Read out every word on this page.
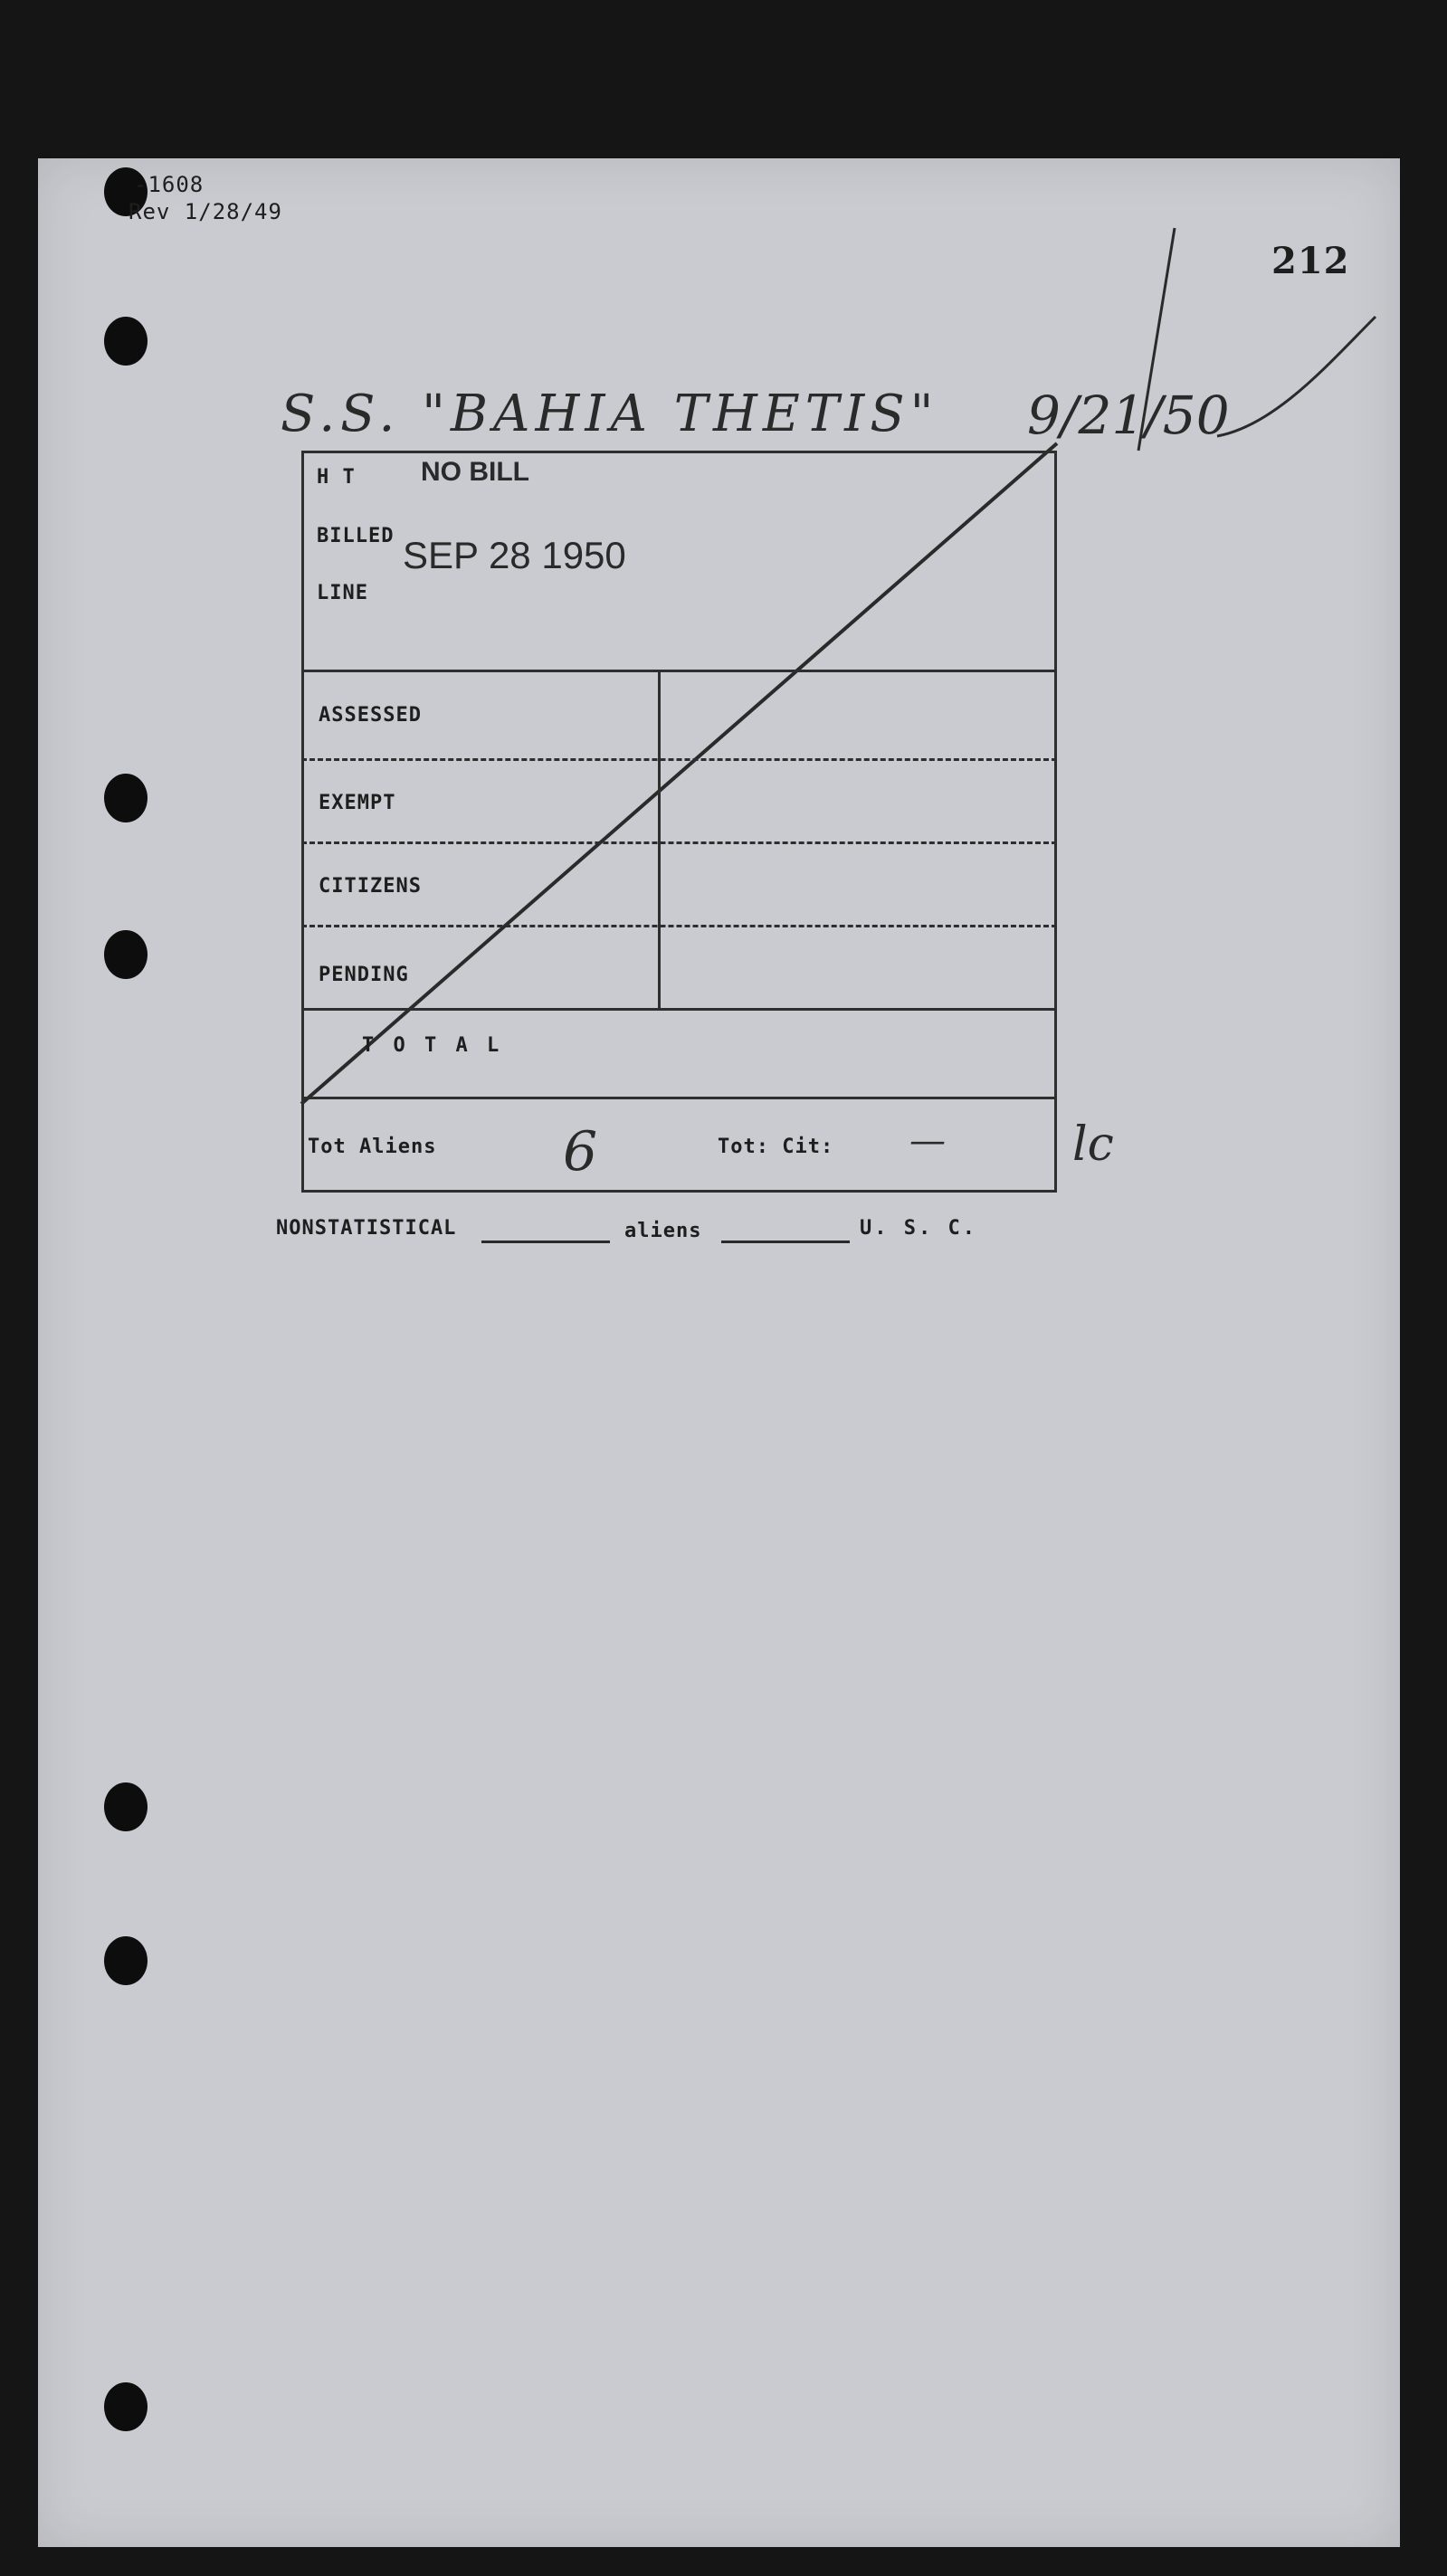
-1608
Rev 1/28/49
212
S.S. "BAHIA THETIS" 9/21/50
H T NO BILL
BILLED SEP 28 1950
LINE
ASSESSED
EXEMPT
CITIZENS
PENDING
T O T A L
Tot Aliens 6	Tot: Cit: —	lc
NONSTATISTICAL	aliens	U. S. C.
